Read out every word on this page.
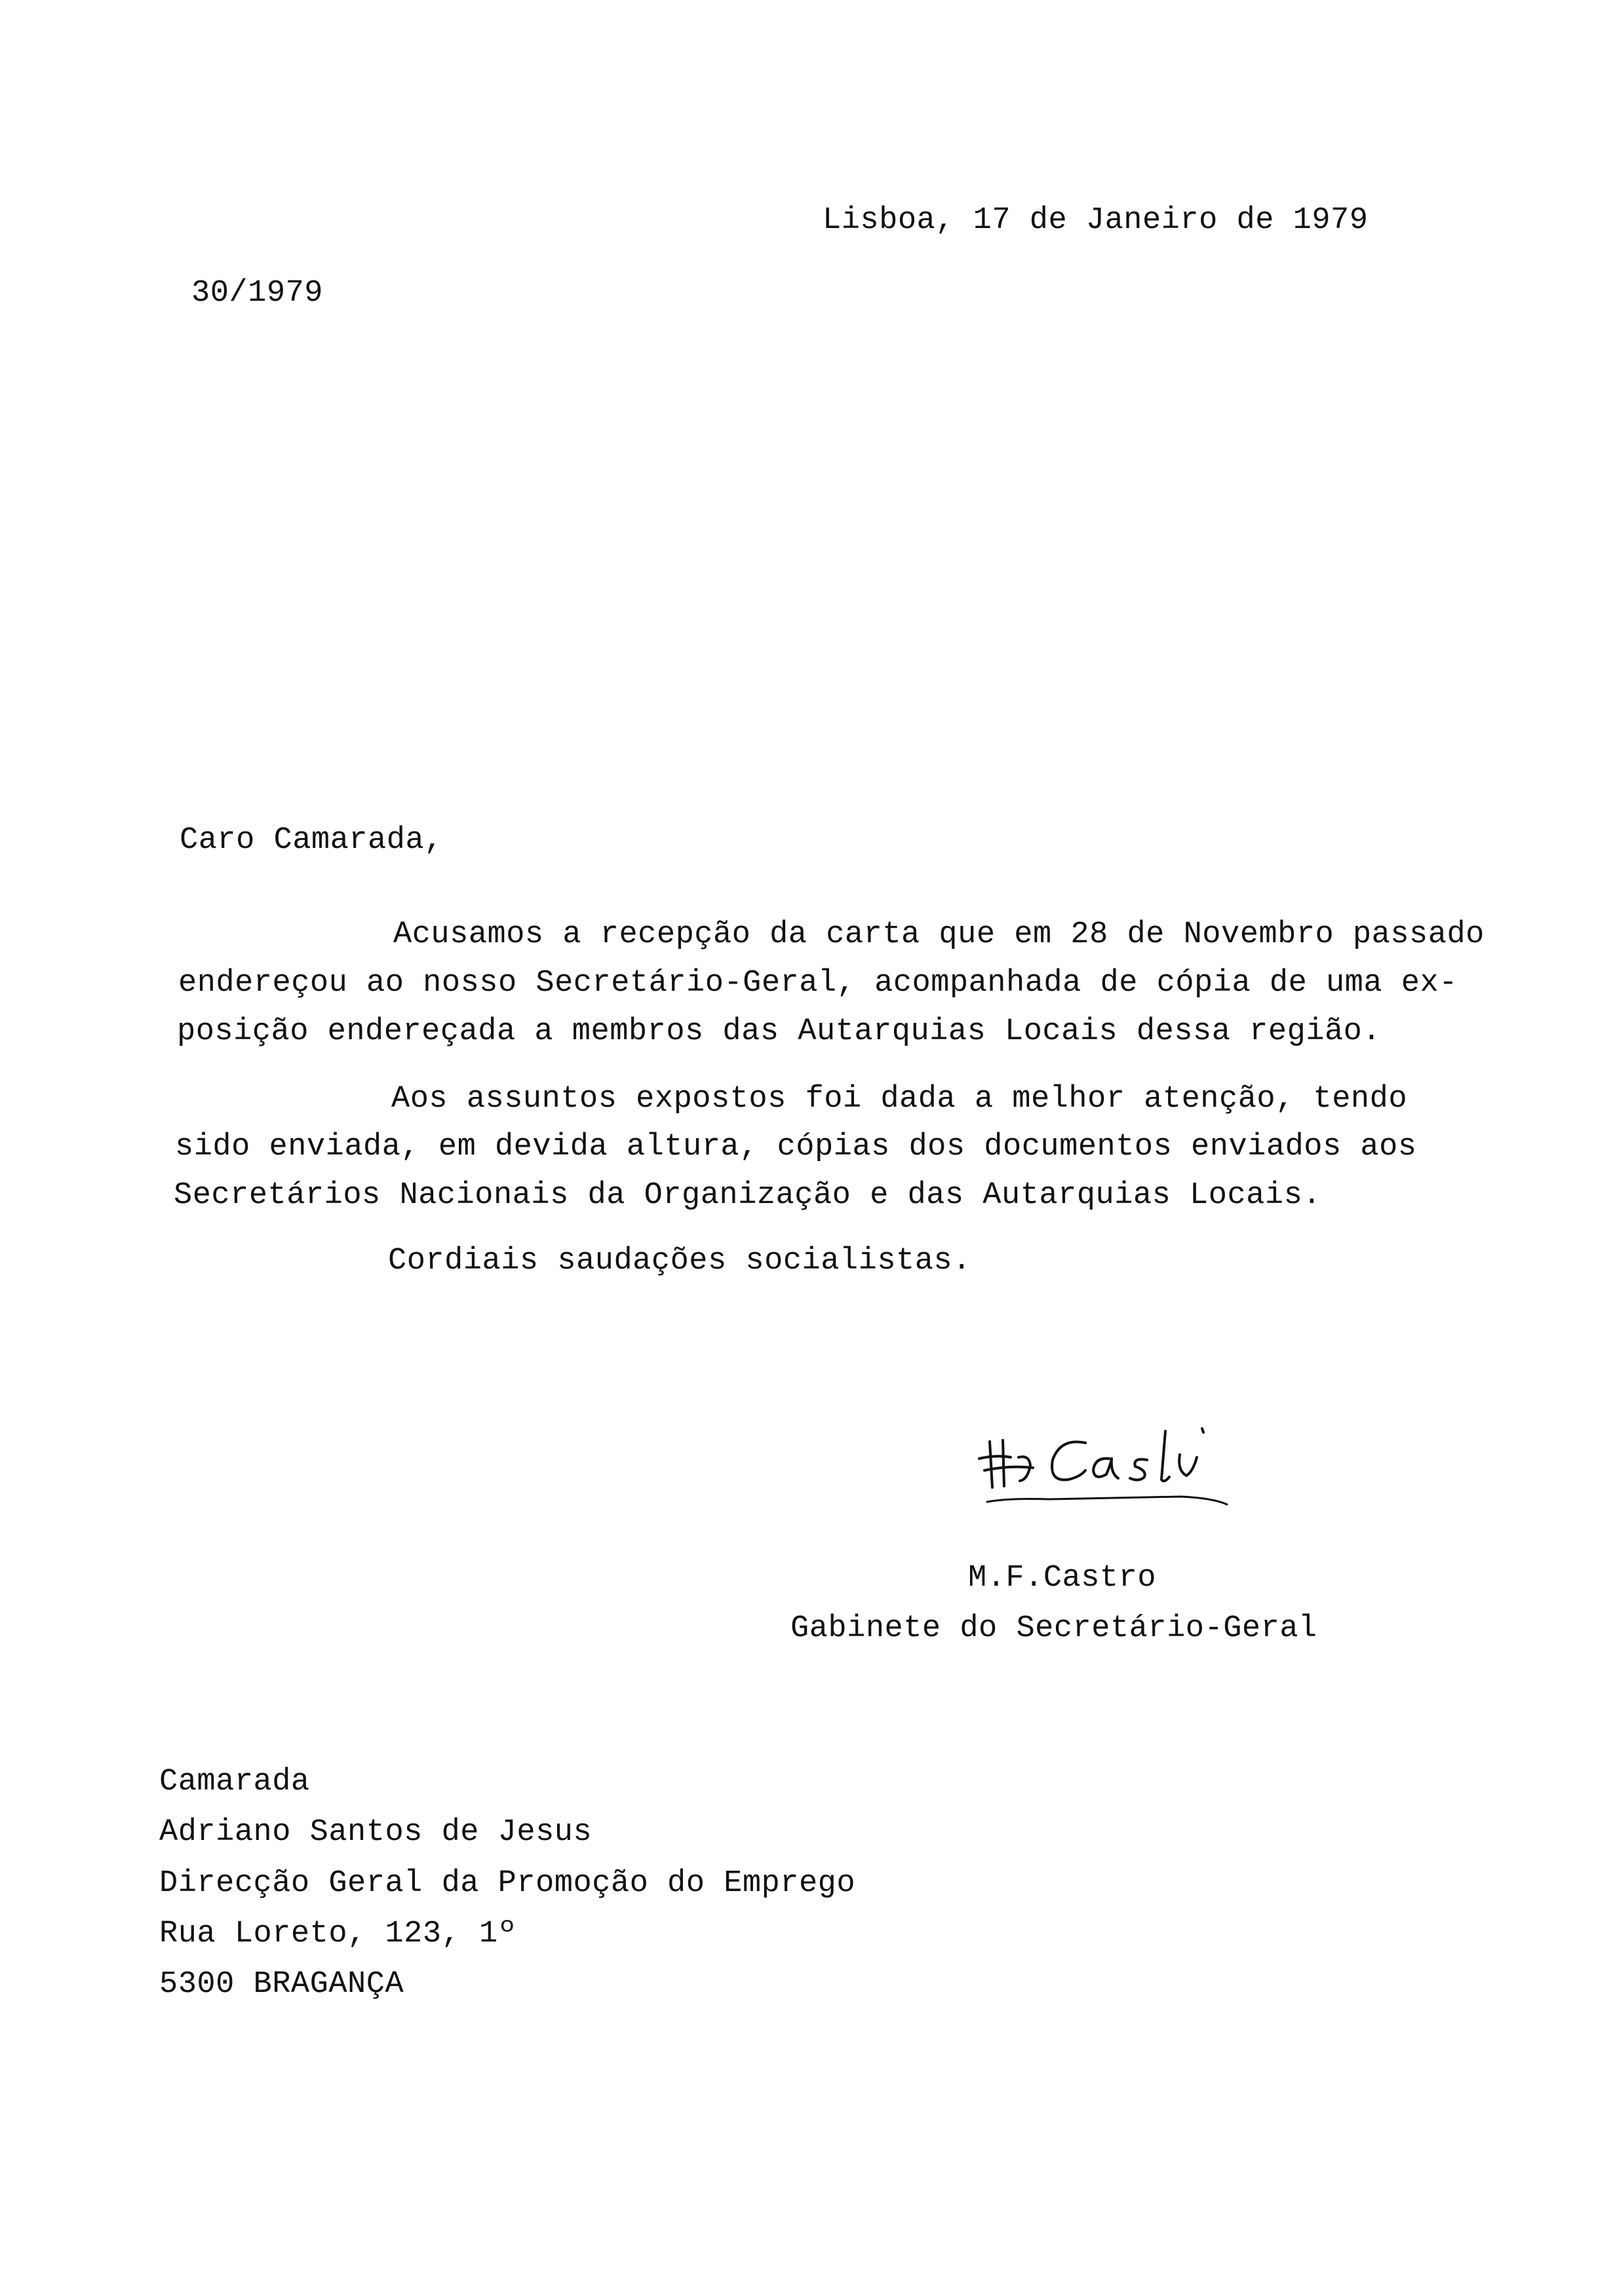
Lisboa, 17 de Janeiro de 1979
30/1979
Caro Camarada,
Acusamos a recepção da carta que em 28 de Novembro passado
endereçou ao nosso Secretário-Geral, acompanhada de cópia de uma ex-
posição endereçada a membros das Autarquias Locais dessa região.
Aos assuntos expostos foi dada a melhor atenção, tendo
sido enviada, em devida altura, cópias dos documentos enviados aos
Secretários Nacionais da Organização e das Autarquias Locais.
Cordiais saudações socialistas.
M.F.Castro
Gabinete do Secretário-Geral
Camarada
Adriano Santos de Jesus
Direcção Geral da Promoção do Emprego
Rua Loreto, 123, 1º
5300 BRAGANÇA
